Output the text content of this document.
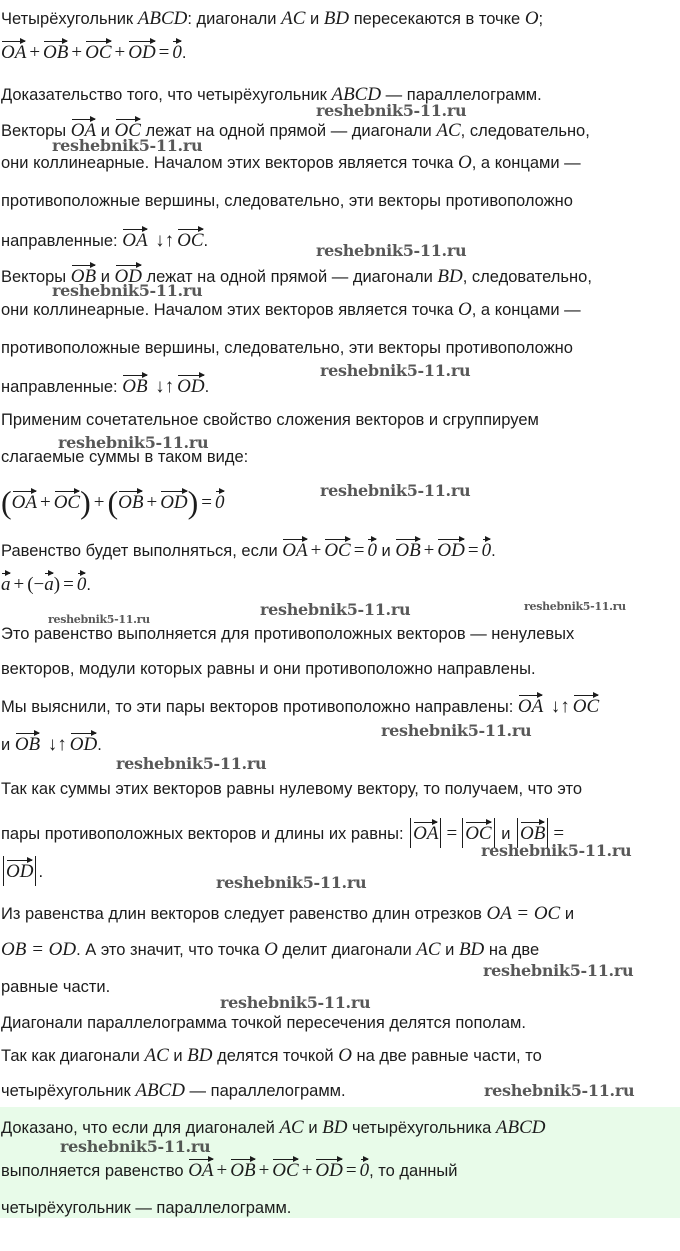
Четырёхугольник ABCD: диагонали AC и BD пересекаются в точке O;

OA + OB + OC + OD = 0.

Доказательство того, что четырёхугольник ABCD — параллелограмм.

Векторы OA и OC лежат на одной прямой — диагонали AC, следовательно,

они коллинеарные. Началом этих векторов является точка O, а концами —

противоположные вершины, следовательно, эти векторы противоположно

направленные: OA ↓↑ OC.

Векторы OB и OD лежат на одной прямой — диагонали BD, следовательно,

они коллинеарные. Началом этих векторов является точка O, а концами —

противоположные вершины, следовательно, эти векторы противоположно

направленные: OB ↓↑ OD.

Применим сочетательное свойство сложения векторов и сгруппируем

слагаемые суммы в таком виде:

(OA + OC) +(OB + OD) = 0

Равенство будет выполняться, если OA + OC = 0 и OB + OD = 0.

a + (−a) = 0.

Это равенство выполняется для противоположных векторов — ненулевых

векторов, модули которых равны и они противоположно направлены.

Мы выяснили, то эти пары векторов противоположно направлены: OA ↓↑ OC

и OB ↓↑ OD.

Так как суммы этих векторов равны нулевому вектору, то получаем, что это

пары противоположных векторов и длины их равны: OA = OC и OB =

OD .

Из равенства длин векторов следует равенство длин отрезков OA = OC и

OB = OD. А это значит, что точка O делит диагонали AC и BD на две

равные части.

Диагонали параллелограмма точкой пересечения делятся пополам.

Так как диагонали AC и BD делятся точкой O на две равные части, то

четырёхугольник ABCD — параллелограмм.

Доказано, что если для диагоналей AC и BD четырёхугольника ABCD

выполняется равенство OA + OB + OC + OD = 0, то данный

четырёхугольник — параллелограмм.

reshebnik5-11.ru
reshebnik5-11.ru
reshebnik5-11.ru
reshebnik5-11.ru
reshebnik5-11.ru
reshebnik5-11.ru
reshebnik5-11.ru
reshebnik5-11.ru
reshebnik5-11.ru	reshebnik5-11.ru
reshebnik5-11.ru
reshebnik5-11.ru
reshebnik5-11.ru
reshebnik5-11.ru
reshebnik5-11.ru
reshebnik5-11.ru
reshebnik5-11.ru
reshebnik5-11.ru
